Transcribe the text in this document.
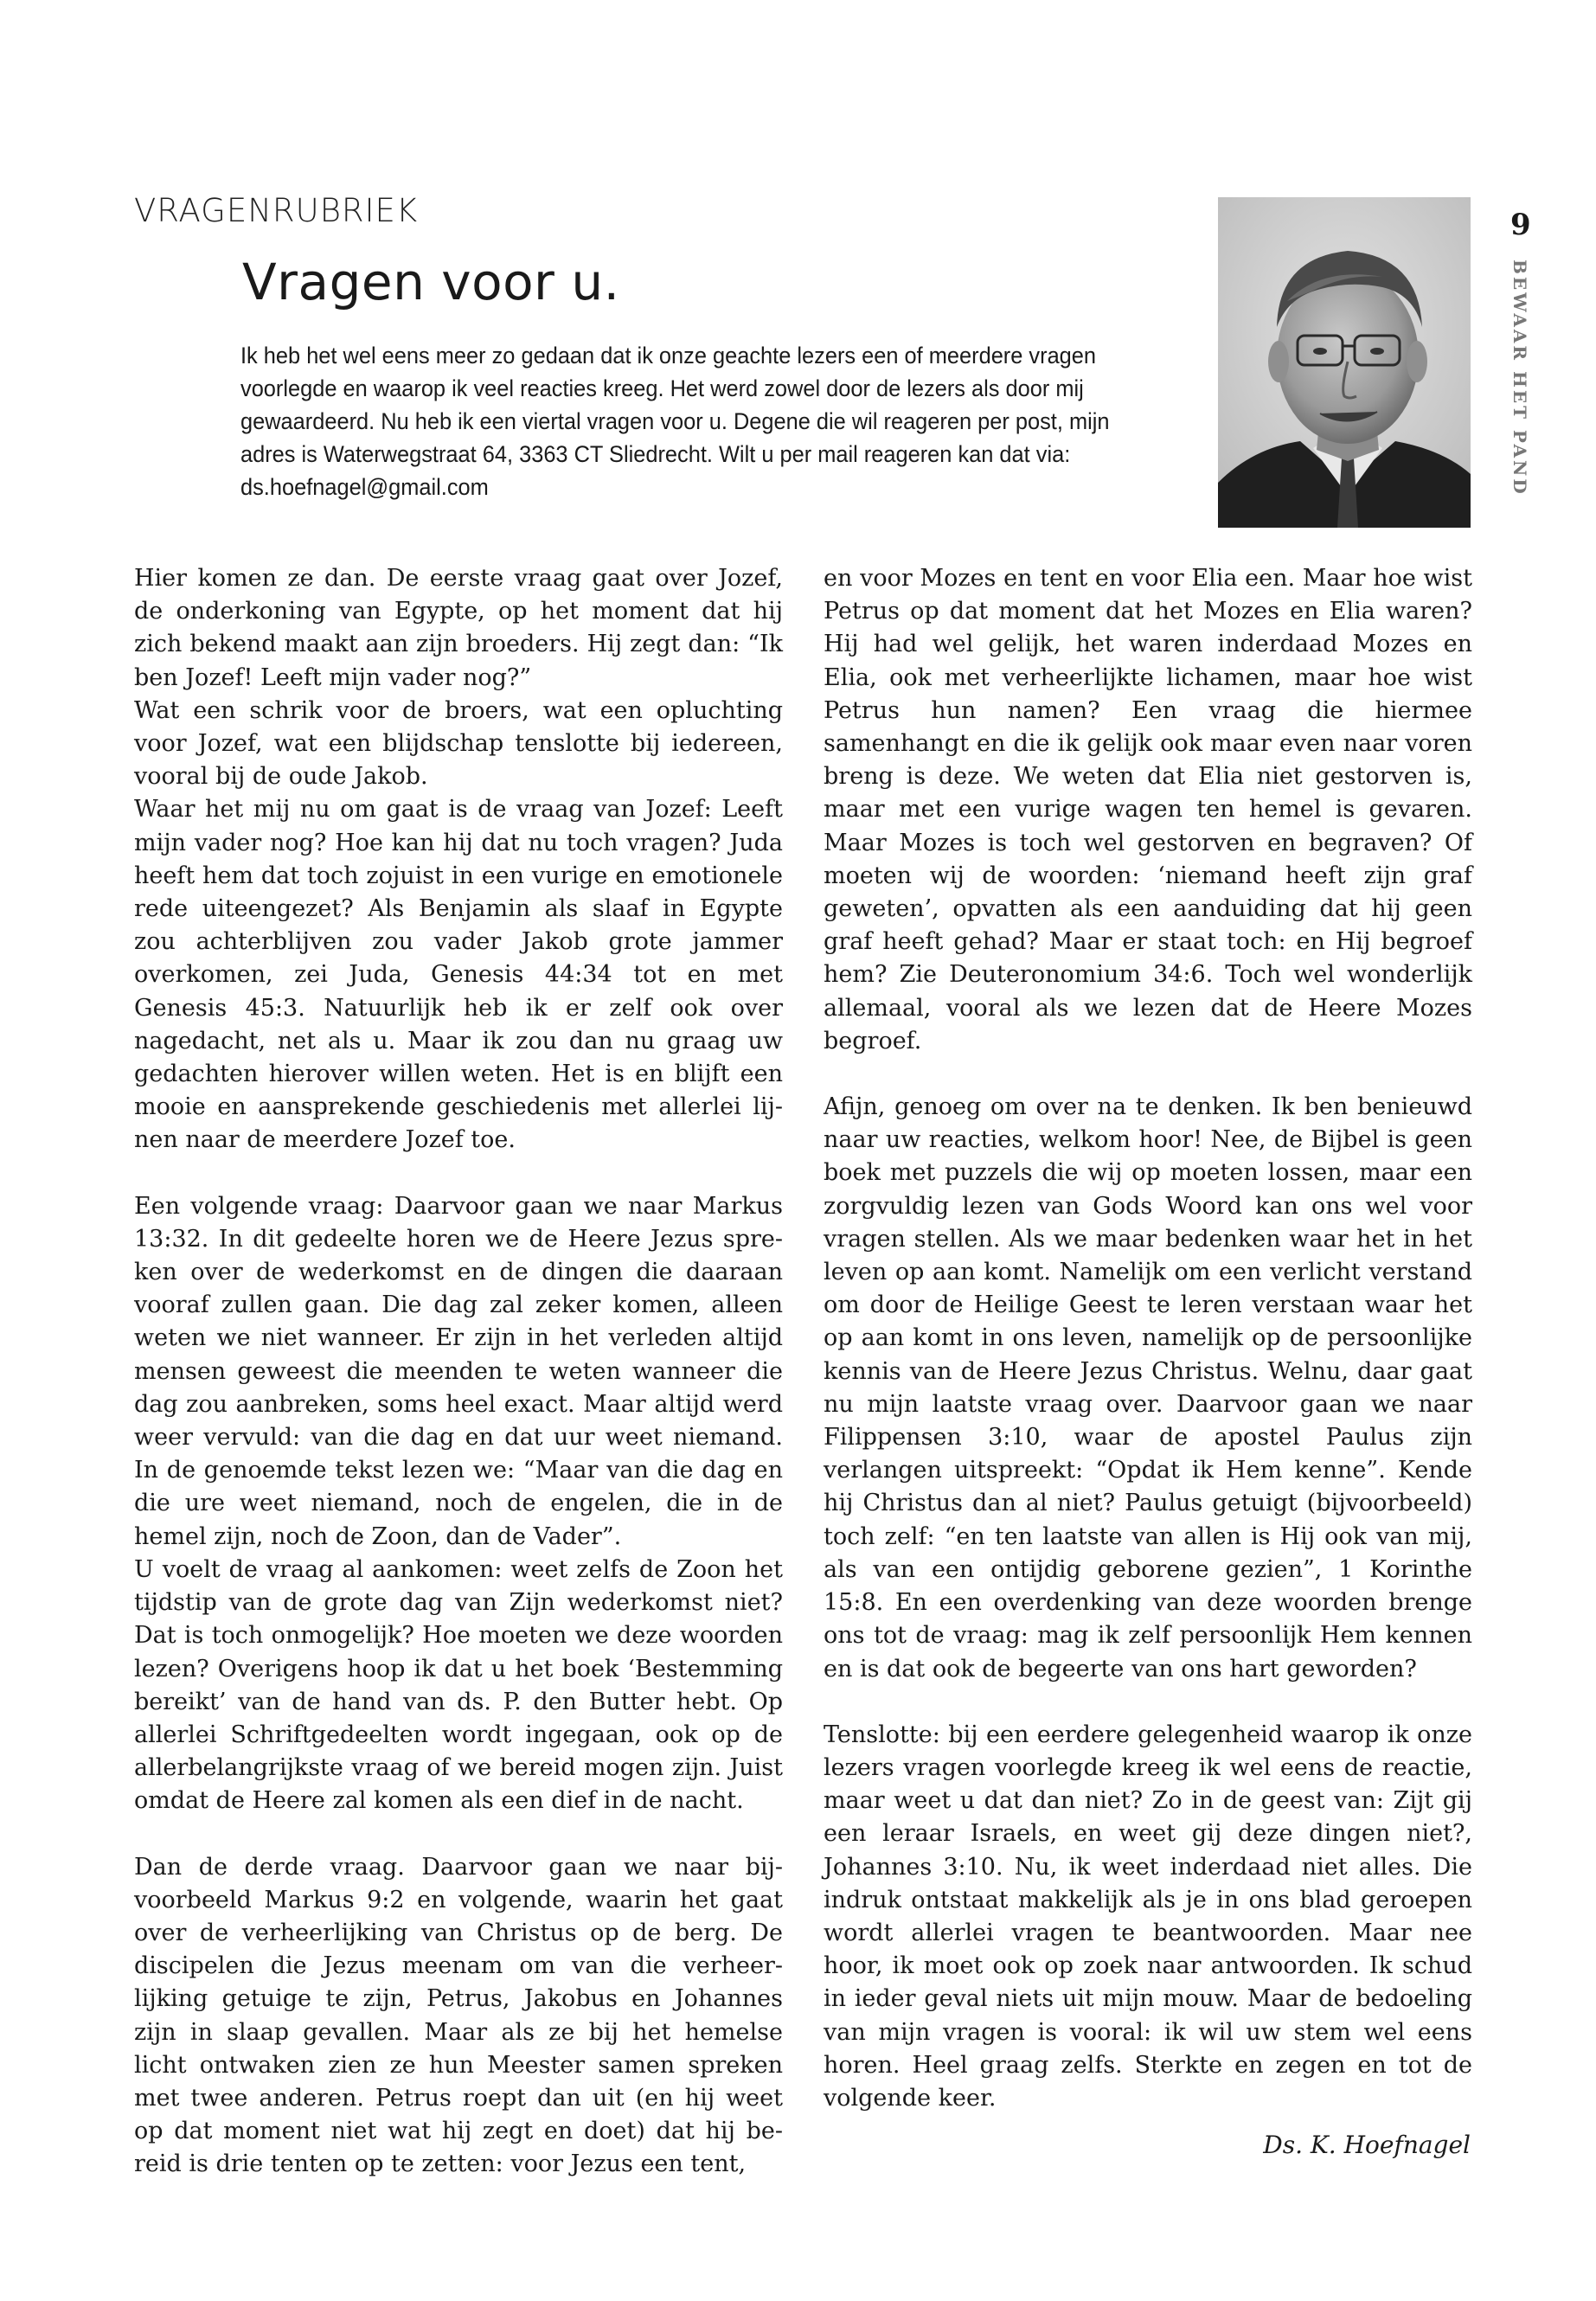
VRAGENRUBRIEK
Vragen voor u.

Ik heb het wel eens meer zo gedaan dat ik onze geachte lezers een of meerdere vragen voorlegde en waarop ik veel reacties kreeg. Het werd zowel door de lezers als door mij gewaardeerd. Nu heb ik een viertal vragen voor u. Degene die wil reageren per post, mijn adres is Waterwegstraat 64, 3363 CT Sliedrecht. Wilt u per mail reageren kan dat via: ds.hoefnagel@gmail.com

9
BEWAAR HET PAND

Hier komen ze dan. De eerste vraag gaat over Jozef, de onderkoning van Egypte, op het moment dat hij zich bekend maakt aan zijn broeders. Hij zegt dan: “Ik ben Jozef! Leeft mijn vader nog?”

Wat een schrik voor de broers, wat een opluchting voor Jozef, wat een blijdschap tenslotte bij iedereen, vooral bij de oude Jakob.

Waar het mij nu om gaat is de vraag van Jozef: Leeft mijn vader nog? Hoe kan hij dat nu toch vragen? Juda heeft hem dat toch zojuist in een vurige en emotionele rede uiteengezet? Als Benjamin als slaaf in Egypte zou achterblijven zou vader Jakob grote jammer overkomen, zei Juda, Genesis 44:34 tot en met Genesis 45:3. Natuurlijk heb ik er zelf ook over nagedacht, net als u. Maar ik zou dan nu graag uw gedachten hierover willen weten. Het is en blijft een mooie en aansprekende geschiedenis met allerlei lijnen naar de meerdere Jozef toe.

Een volgende vraag: Daarvoor gaan we naar Markus 13:32. In dit gedeelte horen we de Heere Jezus spreken over de wederkomst en de dingen die daaraan vooraf zullen gaan. Die dag zal zeker komen, alleen weten we niet wanneer. Er zijn in het verleden altijd mensen geweest die meenden te weten wanneer die dag zou aanbreken, soms heel exact. Maar altijd werd weer vervuld: van die dag en dat uur weet niemand. In de genoemde tekst lezen we: “Maar van die dag en die ure weet niemand, noch de engelen, die in de hemel zijn, noch de Zoon, dan de Vader”.

U voelt de vraag al aankomen: weet zelfs de Zoon het tijdstip van de grote dag van Zijn wederkomst niet? Dat is toch onmogelijk? Hoe moeten we deze woorden lezen? Overigens hoop ik dat u het boek ‘Bestemming bereikt’ van de hand van ds. P. den Butter hebt. Op allerlei Schriftgedeelten wordt ingegaan, ook op de allerbelangrijkste vraag of we bereid mogen zijn. Juist omdat de Heere zal komen als een dief in de nacht.

Dan de derde vraag. Daarvoor gaan we naar bijvoorbeeld Markus 9:2 en volgende, waarin het gaat over de verheerlijking van Christus op de berg. De discipelen die Jezus meenam om van die verheerlijking getuige te zijn, Petrus, Jakobus en Johannes zijn in slaap gevallen. Maar als ze bij het hemelse licht ontwaken zien ze hun Meester samen spreken met twee anderen. Petrus roept dan uit (en hij weet op dat moment niet wat hij zegt en doet) dat hij bereid is drie tenten op te zetten: voor Jezus een tent,

en voor Mozes en tent en voor Elia een. Maar hoe wist Petrus op dat moment dat het Mozes en Elia waren? Hij had wel gelijk, het waren inderdaad Mozes en Elia, ook met verheerlijkte lichamen, maar hoe wist Petrus hun namen? Een vraag die hiermee samenhangt en die ik gelijk ook maar even naar voren breng is deze. We weten dat Elia niet gestorven is, maar met een vurige wagen ten hemel is gevaren. Maar Mozes is toch wel gestorven en begraven? Of moeten wij de woorden: ‘niemand heeft zijn graf geweten’, opvatten als een aanduiding dat hij geen graf heeft gehad? Maar er staat toch: en Hij begroef hem? Zie Deuteronomium 34:6. Toch wel wonderlijk allemaal, vooral als we lezen dat de Heere Mozes begroef.

Afijn, genoeg om over na te denken. Ik ben benieuwd naar uw reacties, welkom hoor! Nee, de Bijbel is geen boek met puzzels die wij op moeten lossen, maar een zorgvuldig lezen van Gods Woord kan ons wel voor vragen stellen. Als we maar bedenken waar het in het leven op aan komt. Namelijk om een verlicht verstand om door de Heilige Geest te leren verstaan waar het op aan komt in ons leven, namelijk op de persoonlijke kennis van de Heere Jezus Christus. Welnu, daar gaat nu mijn laatste vraag over. Daarvoor gaan we naar Filippensen 3:10, waar de apostel Paulus zijn verlangen uitspreekt: “Opdat ik Hem kenne”. Kende hij Christus dan al niet? Paulus getuigt (bijvoorbeeld) toch zelf: “en ten laatste van allen is Hij ook van mij, als van een ontijdig geborene gezien”, 1 Korinthe 15:8. En een overdenking van deze woorden brenge ons tot de vraag: mag ik zelf persoonlijk Hem kennen en is dat ook de begeerte van ons hart geworden?

Tenslotte: bij een eerdere gelegenheid waarop ik onze lezers vragen voorlegde kreeg ik wel eens de reactie, maar weet u dat dan niet? Zo in de geest van: Zijt gij een leraar Israels, en weet gij deze dingen niet?, Johannes 3:10. Nu, ik weet inderdaad niet alles. Die indruk ontstaat makkelijk als je in ons blad geroepen wordt allerlei vragen te beantwoorden. Maar nee hoor, ik moet ook op zoek naar antwoorden. Ik schud in ieder geval niets uit mijn mouw. Maar de bedoeling van mijn vragen is vooral: ik wil uw stem wel eens horen. Heel graag zelfs. Sterkte en zegen en tot de volgende keer.

Ds. K. Hoefnagel
